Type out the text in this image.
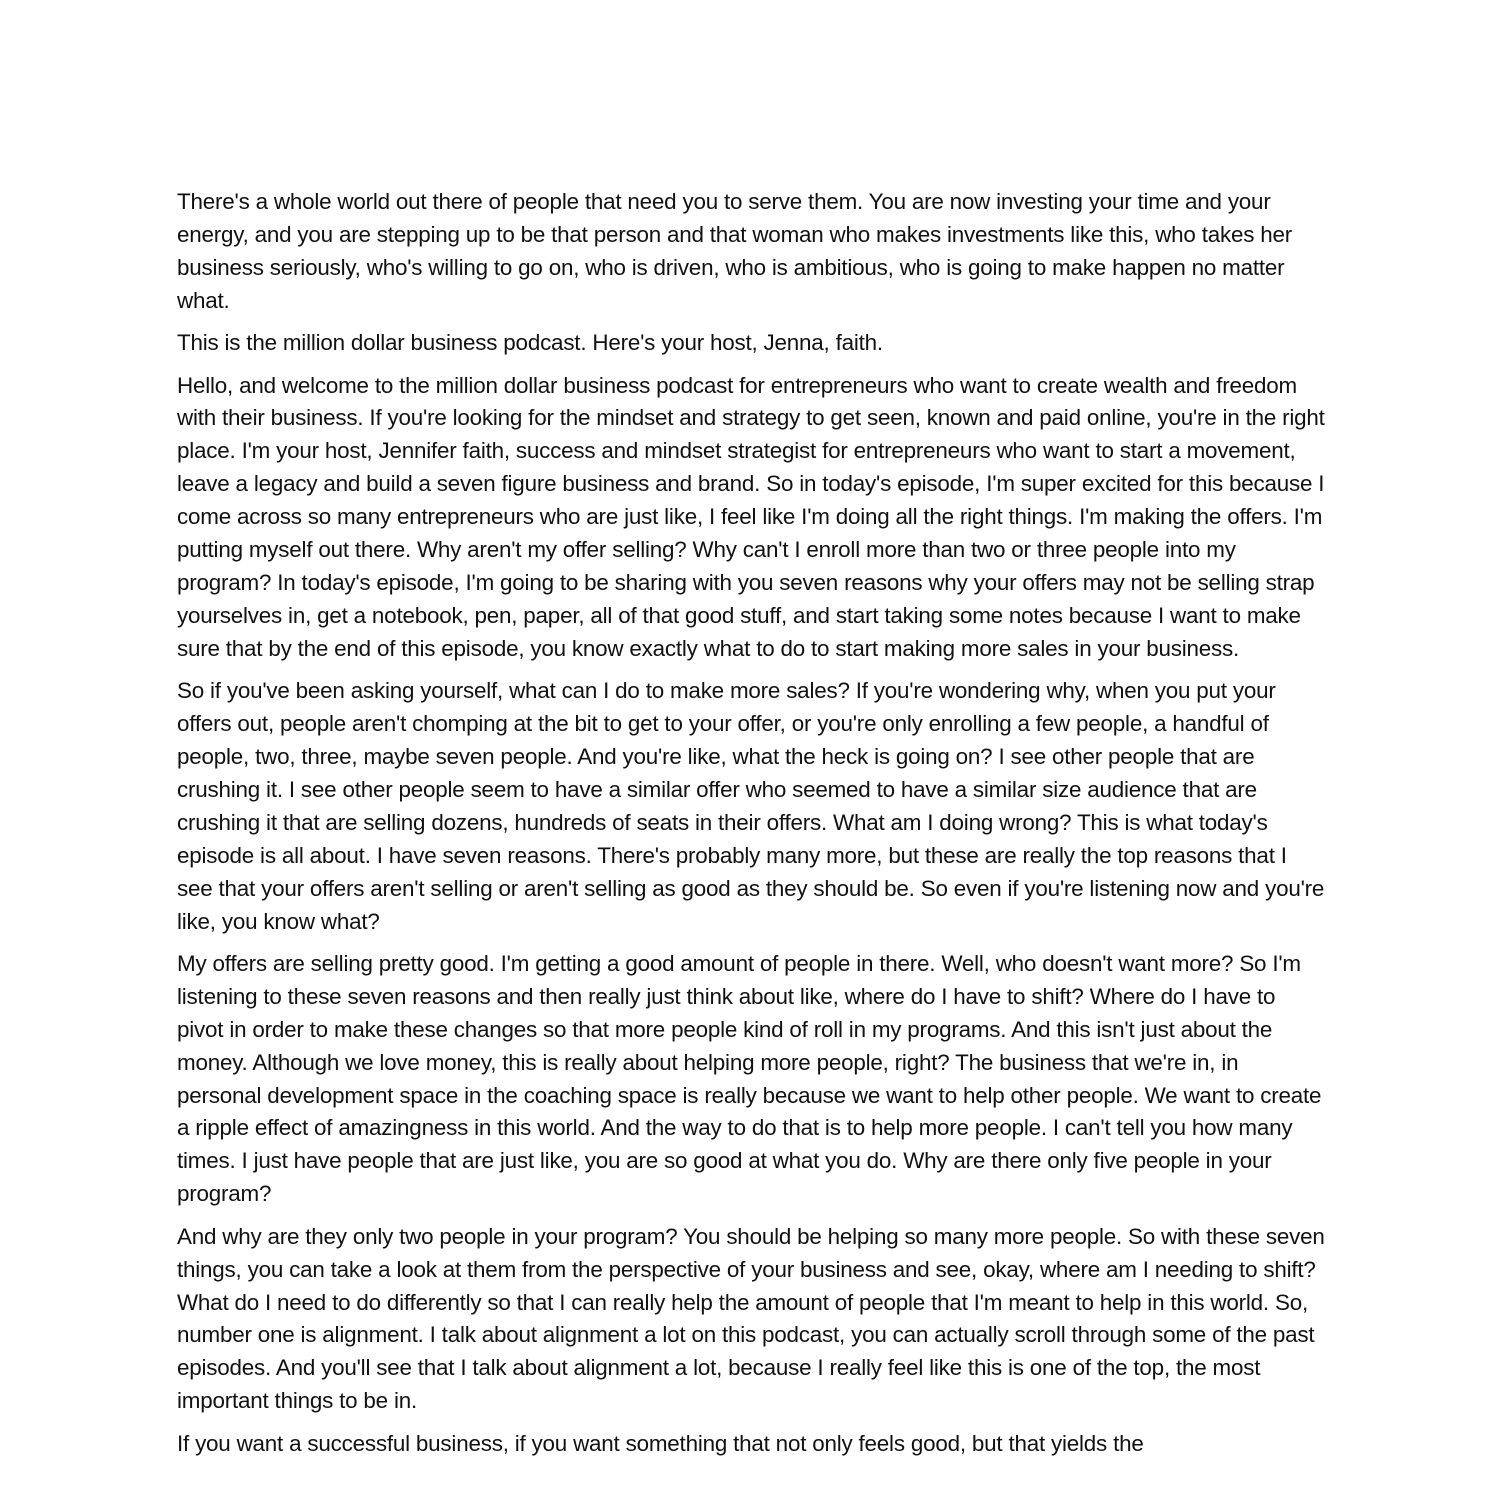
There's a whole world out there of people that need you to serve them. You are now investing your time and your energy, and you are stepping up to be that person and that woman who makes investments like this, who takes her business seriously, who's willing to go on, who is driven, who is ambitious, who is going to make happen no matter what.

This is the million dollar business podcast. Here's your host, Jenna, faith.

Hello, and welcome to the million dollar business podcast for entrepreneurs who want to create wealth and freedom with their business. If you're looking for the mindset and strategy to get seen, known and paid online, you're in the right place. I'm your host, Jennifer faith, success and mindset strategist for entrepreneurs who want to start a movement, leave a legacy and build a seven figure business and brand. So in today's episode, I'm super excited for this because I come across so many entrepreneurs who are just like, I feel like I'm doing all the right things. I'm making the offers. I'm putting myself out there. Why aren't my offer selling? Why can't I enroll more than two or three people into my program? In today's episode, I'm going to be sharing with you seven reasons why your offers may not be selling strap yourselves in, get a notebook, pen, paper, all of that good stuff, and start taking some notes because I want to make sure that by the end of this episode, you know exactly what to do to start making more sales in your business.

So if you've been asking yourself, what can I do to make more sales? If you're wondering why, when you put your offers out, people aren't chomping at the bit to get to your offer, or you're only enrolling a few people, a handful of people, two, three, maybe seven people. And you're like, what the heck is going on? I see other people that are crushing it. I see other people seem to have a similar offer who seemed to have a similar size audience that are crushing it that are selling dozens, hundreds of seats in their offers. What am I doing wrong? This is what today's episode is all about. I have seven reasons. There's probably many more, but these are really the top reasons that I see that your offers aren't selling or aren't selling as good as they should be. So even if you're listening now and you're like, you know what?

My offers are selling pretty good. I'm getting a good amount of people in there. Well, who doesn't want more? So I'm listening to these seven reasons and then really just think about like, where do I have to shift? Where do I have to pivot in order to make these changes so that more people kind of roll in my programs. And this isn't just about the money. Although we love money, this is really about helping more people, right? The business that we're in, in personal development space in the coaching space is really because we want to help other people. We want to create a ripple effect of amazingness in this world. And the way to do that is to help more people. I can't tell you how many times. I just have people that are just like, you are so good at what you do. Why are there only five people in your program?

And why are they only two people in your program? You should be helping so many more people. So with these seven things, you can take a look at them from the perspective of your business and see, okay, where am I needing to shift? What do I need to do differently so that I can really help the amount of people that I'm meant to help in this world. So, number one is alignment. I talk about alignment a lot on this podcast, you can actually scroll through some of the past episodes. And you'll see that I talk about alignment a lot, because I really feel like this is one of the top, the most important things to be in.

If you want a successful business, if you want something that not only feels good, but that yields the
